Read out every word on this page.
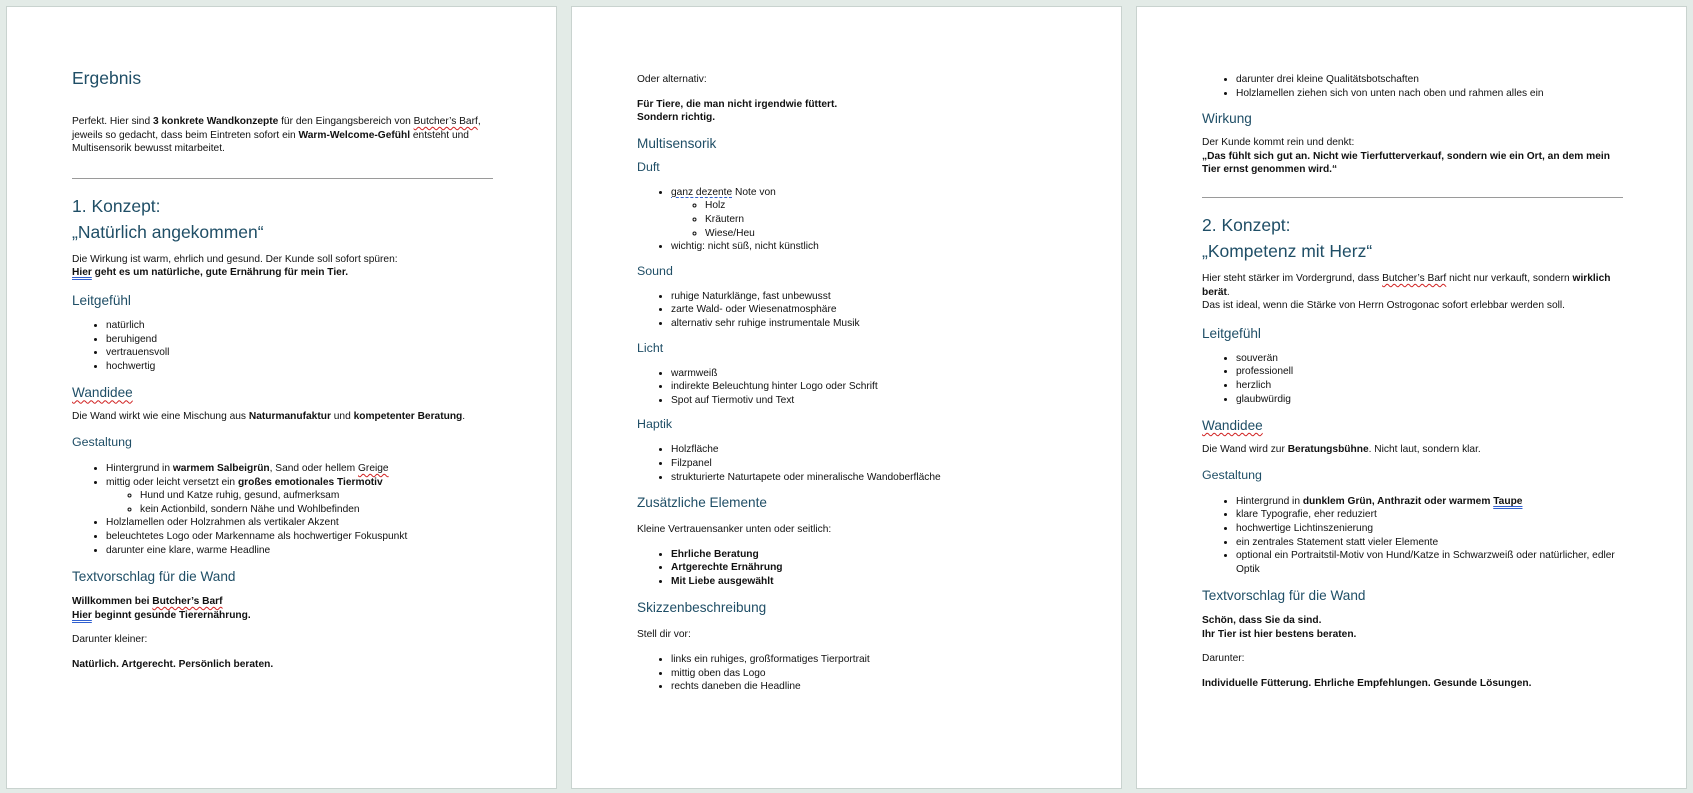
Ergebnis

Perfekt. Hier sind 3 konkrete Wandkonzepte für den Eingangsbereich von Butcher’s Barf, jeweils so gedacht, dass beim Eintreten sofort ein Warm-Welcome-Gefühl entsteht und Multisensorik bewusst mitarbeitet.

1. Konzept:
„Natürlich angekommen“

Die Wirkung ist warm, ehrlich und gesund. Der Kunde soll sofort spüren:

Hier geht es um natürliche, gute Ernährung für mein Tier.

Leitgefühl
• natürlich
• beruhigend
• vertrauensvoll
• hochwertig
Wandidee

Die Wand wirkt wie eine Mischung aus Naturmanufaktur und kompetenter Beratung.

Gestaltung
• Hintergrund in warmem Salbeigrün, Sand oder hellem Greige
• mittig oder leicht versetzt ein großes emotionales Tiermotiv
◦ Hund und Katze ruhig, gesund, aufmerksam
◦ kein Actionbild, sondern Nähe und Wohlbefinden
• Holzlamellen oder Holzrahmen als vertikaler Akzent
• beleuchtetes Logo oder Markenname als hochwertiger Fokuspunkt
• darunter eine klare, warme Headline
Textvorschlag für die Wand

Willkommen bei Butcher’s Barf

Hier beginnt gesunde Tierernährung.

Darunter kleiner:

Natürlich. Artgerecht. Persönlich beraten.

Oder alternativ:

Für Tiere, die man nicht irgendwie füttert.

Sondern richtig.

Multisensorik
Duft
• ganz dezente Note von
◦ Holz
◦ Kräutern
◦ Wiese/Heu
• wichtig: nicht süß, nicht künstlich
Sound
• ruhige Naturklänge, fast unbewusst
• zarte Wald- oder Wiesenatmosphäre
• alternativ sehr ruhige instrumentale Musik
Licht
• warmweiß
• indirekte Beleuchtung hinter Logo oder Schrift
• Spot auf Tiermotiv und Text
Haptik
• Holzfläche
• Filzpanel
• strukturierte Naturtapete oder mineralische Wandoberfläche
Zusätzliche Elemente

Kleine Vertrauensanker unten oder seitlich:

• Ehrliche Beratung
• Artgerechte Ernährung
• Mit Liebe ausgewählt
Skizzenbeschreibung

Stell dir vor:

• links ein ruhiges, großformatiges Tierportrait
• mittig oben das Logo
• rechts daneben die Headline
• darunter drei kleine Qualitätsbotschaften
• Holzlamellen ziehen sich von unten nach oben und rahmen alles ein
Wirkung

Der Kunde kommt rein und denkt:

„Das fühlt sich gut an. Nicht wie Tierfutterverkauf, sondern wie ein Ort, an dem mein Tier ernst genommen wird.“

2. Konzept:
„Kompetenz mit Herz“

Hier steht stärker im Vordergrund, dass Butcher’s Barf nicht nur verkauft, sondern wirklich berät.

Das ist ideal, wenn die Stärke von Herrn Ostrogonac sofort erlebbar werden soll.

Leitgefühl
• souverän
• professionell
• herzlich
• glaubwürdig
Wandidee

Die Wand wird zur Beratungsbühne. Nicht laut, sondern klar.

Gestaltung
• Hintergrund in dunklem Grün, Anthrazit oder warmem Taupe
• klare Typografie, eher reduziert
• hochwertige Lichtinszenierung
• ein zentrales Statement statt vieler Elemente
• optional ein Portraitstil-Motiv von Hund/Katze in Schwarzweiß oder natürlicher, edler Optik
Textvorschlag für die Wand

Schön, dass Sie da sind.

Ihr Tier ist hier bestens beraten.

Darunter:

Individuelle Fütterung. Ehrliche Empfehlungen. Gesunde Lösungen.
